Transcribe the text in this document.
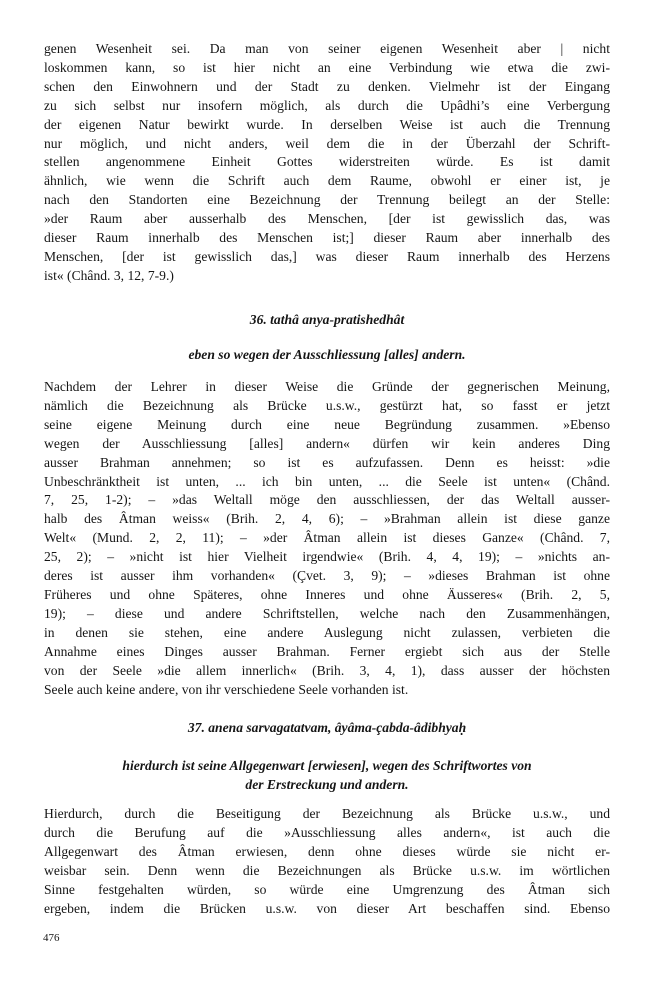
genen Wesenheit sei. Da man von seiner eigenen Wesenheit aber | nicht
loskommen kann, so ist hier nicht an eine Verbindung wie etwa die zwi-
schen den Einwohnern und der Stadt zu denken. Vielmehr ist der Eingang
zu sich selbst nur insofern möglich, als durch die Upâdhi’s eine Verbergung
der eigenen Natur bewirkt wurde. In derselben Weise ist auch die Trennung
nur möglich, und nicht anders, weil dem die in der Überzahl der Schrift-
stellen angenommene Einheit Gottes widerstreiten würde. Es ist damit
ähnlich, wie wenn die Schrift auch dem Raume, obwohl er einer ist, je
nach den Standorten eine Bezeichnung der Trennung beilegt an der Stelle:
»der Raum aber ausserhalb des Menschen, [der ist gewisslich das, was
dieser Raum innerhalb des Menschen ist;] dieser Raum aber innerhalb des
Menschen, [der ist gewisslich das,] was dieser Raum innerhalb des Herzens
ist« (Chând. 3, 12, 7-9.)

36. tathâ anya-pratishedhât
eben so wegen der Ausschliessung [alles] andern.

Nachdem der Lehrer in dieser Weise die Gründe der gegnerischen Meinung,
nämlich die Bezeichnung als Brücke u.s.w., gestürzt hat, so fasst er jetzt
seine eigene Meinung durch eine neue Begründung zusammen. »Ebenso
wegen der Ausschliessung [alles] andern« dürfen wir kein anderes Ding
ausser Brahman annehmen; so ist es aufzufassen. Denn es heisst: »die
Unbeschränktheit ist unten, ... ich bin unten, ... die Seele ist unten« (Chând.
7, 25, 1-2); – »das Weltall möge den ausschliessen, der das Weltall ausser-
halb des Âtman weiss« (Brih. 2, 4, 6); – »Brahman allein ist diese ganze
Welt« (Mund. 2, 2, 11); – »der Âtman allein ist dieses Ganze« (Chând. 7,
25, 2); – »nicht ist hier Vielheit irgendwie« (Brih. 4, 4, 19); – »nichts an-
deres ist ausser ihm vorhanden« (Çvet. 3, 9); – »dieses Brahman ist ohne
Früheres und ohne Späteres, ohne Inneres und ohne Äusseres« (Brih. 2, 5,
19); – diese und andere Schriftstellen, welche nach den Zusammenhängen,
in denen sie stehen, eine andere Auslegung nicht zulassen, verbieten die
Annahme eines Dinges ausser Brahman. Ferner ergiebt sich aus der Stelle
von der Seele »die allem innerlich« (Brih. 3, 4, 1), dass ausser der höchsten
Seele auch keine andere, von ihr verschiedene Seele vorhanden ist.

37. anena sarvagatatvam, âyâma-çabda-âdibhyaḥ
hierdurch ist seine Allgegenwart [erwiesen], wegen des Schriftwortes von
der Erstreckung und andern.

Hierdurch, durch die Beseitigung der Bezeichnung als Brücke u.s.w., und
durch die Berufung auf die »Ausschliessung alles andern«, ist auch die
Allgegenwart des Âtman erwiesen, denn ohne dieses würde sie nicht er-
weisbar sein. Denn wenn die Bezeichnungen als Brücke u.s.w. im wörtlichen
Sinne festgehalten würden, so würde eine Umgrenzung des Âtman sich
ergeben, indem die Brücken u.s.w. von dieser Art beschaffen sind. Ebenso

476
